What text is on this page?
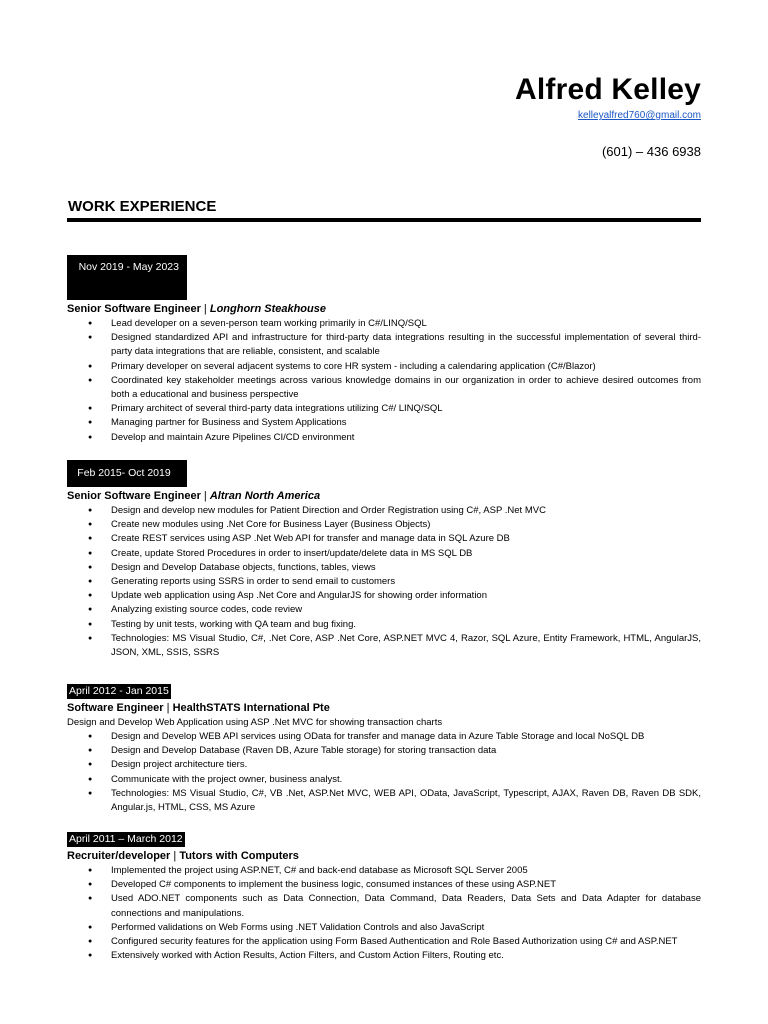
Alfred Kelley
kelleyalfred760@gmail.com
(601) – 436 6938
WORK EXPERIENCE
Nov 2019 - May 2023
Senior Software Engineer | Longhorn Steakhouse
● Lead developer on a seven-person team working primarily in C#/LINQ/SQL
● Designed standardized API and infrastructure for third-party data integrations resulting in the successful implementation of several third-party data integrations that are reliable, consistent, and scalable
● Primary developer on several adjacent systems to core HR system - including a calendaring application (C#/Blazor)
● Coordinated key stakeholder meetings across various knowledge domains in our organization in order to achieve desired outcomes from both a educational and business perspective
● Primary architect of several third-party data integrations utilizing C#/ LINQ/SQL
● Managing partner for Business and System Applications
● Develop and maintain Azure Pipelines CI/CD environment
Feb 2015- Oct 2019
Senior Software Engineer | Altran North America
● Design and develop new modules for Patient Direction and Order Registration using C#, ASP .Net MVC
● Create new modules using .Net Core for Business Layer (Business Objects)
● Create REST services using ASP .Net Web API for transfer and manage data in SQL Azure DB
● Create, update Stored Procedures in order to insert/update/delete data in MS SQL DB
● Design and Develop Database objects, functions, tables, views
● Generating reports using SSRS in order to send email to customers
● Update web application using Asp .Net Core and AngularJS for showing order information
● Analyzing existing source codes, code review
● Testing by unit tests, working with QA team and bug fixing.
● Technologies: MS Visual Studio, C#, .Net Core, ASP .Net Core, ASP.NET MVC 4, Razor, SQL Azure, Entity Framework, HTML, AngularJS, JSON, XML, SSIS, SSRS
April 2012 - Jan 2015
Software Engineer | HealthSTATS International Pte
Design and Develop Web Application using ASP .Net MVC for showing transaction charts
● Design and Develop WEB API services using OData for transfer and manage data in Azure Table Storage and local NoSQL DB
● Design and Develop Database (Raven DB, Azure Table storage) for storing transaction data
● Design project architecture tiers.
● Communicate with the project owner, business analyst.
● Technologies: MS Visual Studio, C#, VB .Net, ASP.Net MVC, WEB API, OData, JavaScript, Typescript, AJAX, Raven DB, Raven DB SDK, Angular.js, HTML, CSS, MS Azure
April 2011 – March 2012
Recruiter/developer | Tutors with Computers
● Implemented the project using ASP.NET, C# and back-end database as Microsoft SQL Server 2005
● Developed C# components to implement the business logic, consumed instances of these using ASP.NET
● Used ADO.NET components such as Data Connection, Data Command, Data Readers, Data Sets and Data Adapter for database connections and manipulations.
● Performed validations on Web Forms using .NET Validation Controls and also JavaScript
● Configured security features for the application using Form Based Authentication and Role Based Authorization using C# and ASP.NET
● Extensively worked with Action Results, Action Filters, and Custom Action Filters, Routing etc.
